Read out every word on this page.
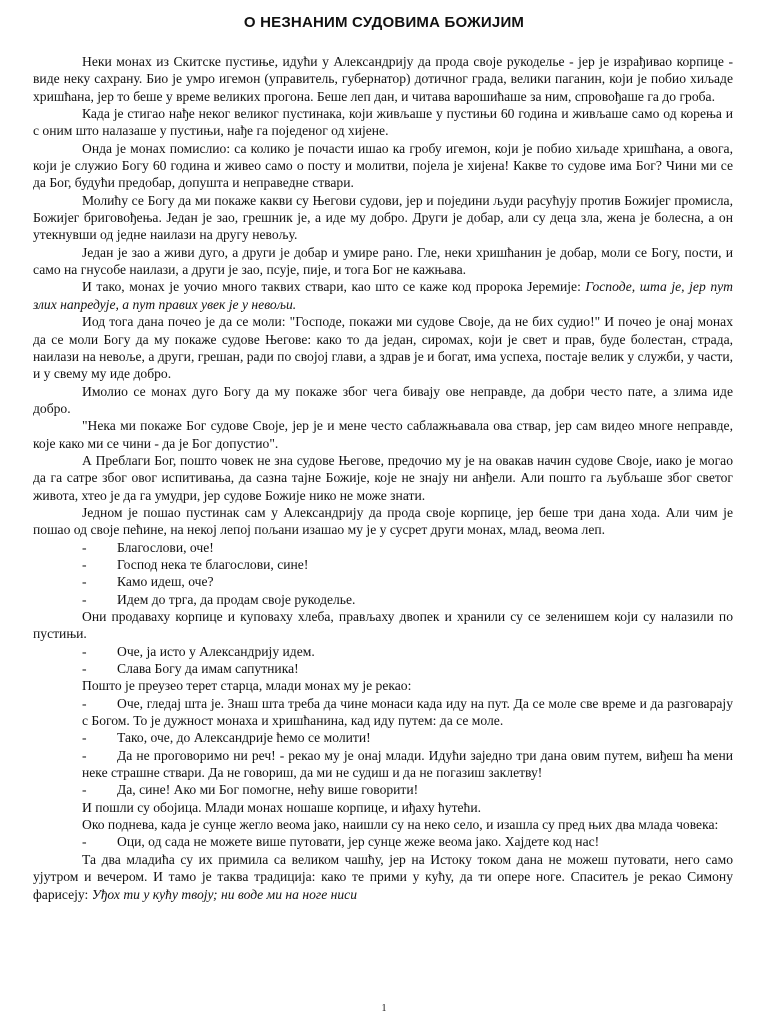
О НЕЗНАНИМ СУДОВИМА БОЖИЈИМ

Неки монах из Скитске пустиње, идући у Александрију да прода своје рукоделье - јер је израђивао корпице - виде неку сахрану. Био је умро игемон (управитель, губернатор) дотичног града, велики паганин, који је побио хиљаде хришћана, јер то беше у време великих прогона. Беше леп дан, и читава варошићаше за ним, спровођаше га до гроба.

Када је стигао нађе неког великог пустинака, који живљаше у пустињи 60 година и живљаше само од корења и с оним што налазаше у пустињи, нађе га поједеног од хијене.

Онда је монах помислио: са колико је почасти ишао ка гробу игемон, који је побио хиљаде хришћана, а овога, који је служио Богу 60 година и живео само о посту и молитви, поjела je хијена! Какве то судове има Бог? Чини ми се да Бог, будући предобар, допушта и неправедне ствари.

Молићу се Богу да ми покаже какви су Његови судови, јер и поједини људи расућују против Божијег промисла, Божијег бриговођења. Један је зао, грешник је, а иде му добро. Други је добар, али су деца зла, жена је болесна, а он утекнувши од једне наилази на другу невољу.

Један је зао а живи дуго, а други је добар и умире рано. Гле, неки хришћанин је добар, моли се Богу, пости, и само на гнусобе наилази, а други је зао, псује, пије, и тога Бог не кажњава.

И тако, монах је уочио много таквих ствари, као што се каже код пророка Јеремије: Господе, шта је, јер пут злих напредује, а пут правих увек је у невољи.

Иод тога дана почео је да се моли: "Господе, покажи ми судове Своје, да не бих судио!" И почео је онај монах да се моли Богу да му покаже судове Његове: како то да један, сиромах, који је свет и прав, буде болестан, страда, наилази на невоље, а други, грешан, ради по својој глави, а здрав је и богат, има успеха, постаје велик у служби, у части, и у свему му иде добро.

Имолио се монах дуго Богу да му покаже због чега бивају ове неправде, да добри често пате, а злима иде добро.

"Нека ми покаже Бог судове Своје, јер је и мене често саблажњавала ова ствар, јер сам видео многе неправде, које како ми се чини - да је Бог допустио".

А Преблаги Бог, пошто човек не зна судове Његове, предочио му је на овакав начин судове Своје, иако је могао да га сатре због овог испитивања, да сазна тајне Божије, које не знају ни анђели. Али пошто га љубљаше због светог живота, хтео је да га умудри, јер судове Божије нико не може знати.

Једном је пошао пустинак сам у Александрију да прода своје корпице, јер беше три дана хода. Али чим је пошао од своје пећине, на некој лепој пољани изашао му је у сусрет други монах, млад, веома леп.

-	Благослови, оче!

-	Господ нека те благослови, сине!

-	Камо идеш, оче?

-	Идем до трга, да продам своје рукоделье.

Они продаваху корпице и куповаху хлеба, прављаху двопек и хранили су се зеленишем који су налазили по пустињи.

-	Оче, ја исто у Александрију идем.

-	Слава Богу да имам сапутника!

Пошто је преузео терет старца, млади монах му је рекао:

-	Оче, гледај шта је. Знаш шта треба да чине монаси када иду на пут. Да се моле све време и да разговарају с Богом. То је дужност монаха и хришћанина, кад иду путем: да се моле.

-	Тако, оче, до Александрије ћемо се молити!

-	Да не проговоримо ни реч! - рекао му је онај млади. Идући заједно три дана овим путем, виђеш ћа мени неке страшне ствари. Да не говориш, да ми не судиш и да не погазиш заклетву!

-	Да, сине! Ако ми Бог помогне, нећу више говорити!

И пошли су обојица. Млади монах ношаше корпице, и иђаху ћутећи.

Око поднева, када је сунце жегло веома јако, наишли су на неко село, и изашла су пред њих два млада човека:

-	Оци, од сада не можете више путовати, јер сунце жеже веома јако. Хајдете код нас!

Та два младића су их примила са великом чашћу, јер на Истоку током дана не можеш путовати, него само ујутром и вечером. И тамо је таква традиција: како те прими у кућу, да ти опере ноге. Спаситељ је рекао Симону фарисеју: Уђох ти у кућу твоју; ни водe ми на ноге ниси

1
